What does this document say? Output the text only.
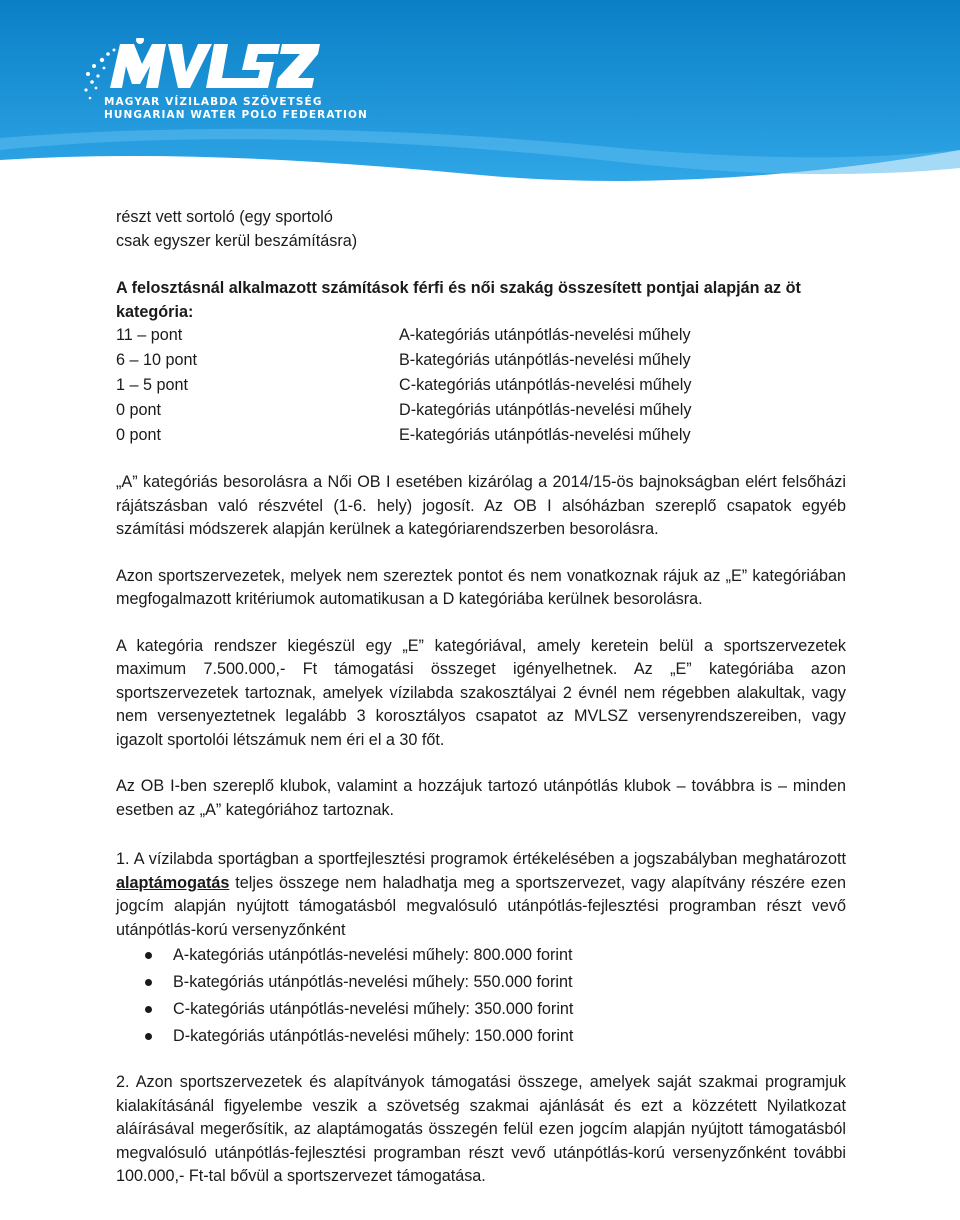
MAGYAR VÍZILABDA SZÖVETSÉG
HUNGARIAN WATER POLO FEDERATION

részt vett sortoló (egy sportoló

csak egyszer kerül beszámításra)

A felosztásnál alkalmazott számítások férfi és női szakág összesített pontjai alapján az öt kategória:

11 – pont	A-kategóriás utánpótlás-nevelési műhely
6 – 10 pont	B-kategóriás utánpótlás-nevelési műhely
1 – 5 pont	C-kategóriás utánpótlás-nevelési műhely
0 pont	D-kategóriás utánpótlás-nevelési műhely
0 pont	E-kategóriás utánpótlás-nevelési műhely

„A” kategóriás besorolásra a Női OB I esetében kizárólag a 2014/15-ös bajnokságban elért felsőházi rájátszásban való részvétel (1-6. hely) jogosít. Az OB I alsóházban szereplő csapatok egyéb számítási módszerek alapján kerülnek a kategóriarendszerben besorolásra.

Azon sportszervezetek, melyek nem szereztek pontot és nem vonatkoznak rájuk az „E” kategóriában megfogalmazott kritériumok automatikusan a D kategóriába kerülnek besorolásra.

A kategória rendszer kiegészül egy „E” kategóriával, amely keretein belül a sportszervezetek maximum 7.500.000,- Ft támogatási összeget igényelhetnek. Az „E” kategóriába azon sportszervezetek tartoznak, amelyek vízilabda szakosztályai 2 évnél nem régebben alakultak, vagy nem versenyeztetnek legalább 3 korosztályos csapatot az MVLSZ versenyrendszereiben, vagy igazolt sportolói létszámuk nem éri el a 30 főt.

Az OB I-ben szereplő klubok, valamint a hozzájuk tartozó utánpótlás klubok – továbbra is – minden esetben az „A” kategóriához tartoznak.

1. A vízilabda sportágban a sportfejlesztési programok értékelésében a jogszabályban meghatározott alaptámogatás teljes összege nem haladhatja meg a sportszervezet, vagy alapítvány részére ezen jogcím alapján nyújtott támogatásból megvalósuló utánpótlás-fejlesztési programban részt vevő utánpótlás-korú versenyzőnként

A-kategóriás utánpótlás-nevelési műhely: 800.000 forint
B-kategóriás utánpótlás-nevelési műhely: 550.000 forint
C-kategóriás utánpótlás-nevelési műhely: 350.000 forint
D-kategóriás utánpótlás-nevelési műhely: 150.000 forint

2. Azon sportszervezetek és alapítványok támogatási összege, amelyek saját szakmai programjuk kialakításánál figyelembe veszik a szövetség szakmai ajánlását és ezt a közzétett Nyilatkozat aláírásával megerősítik, az alaptámogatás összegén felül ezen jogcím alapján nyújtott támogatásból megvalósuló utánpótlás-fejlesztési programban részt vevő utánpótlás-korú versenyzőnként további 100.000,- Ft-tal bővül a sportszervezet támogatása.
